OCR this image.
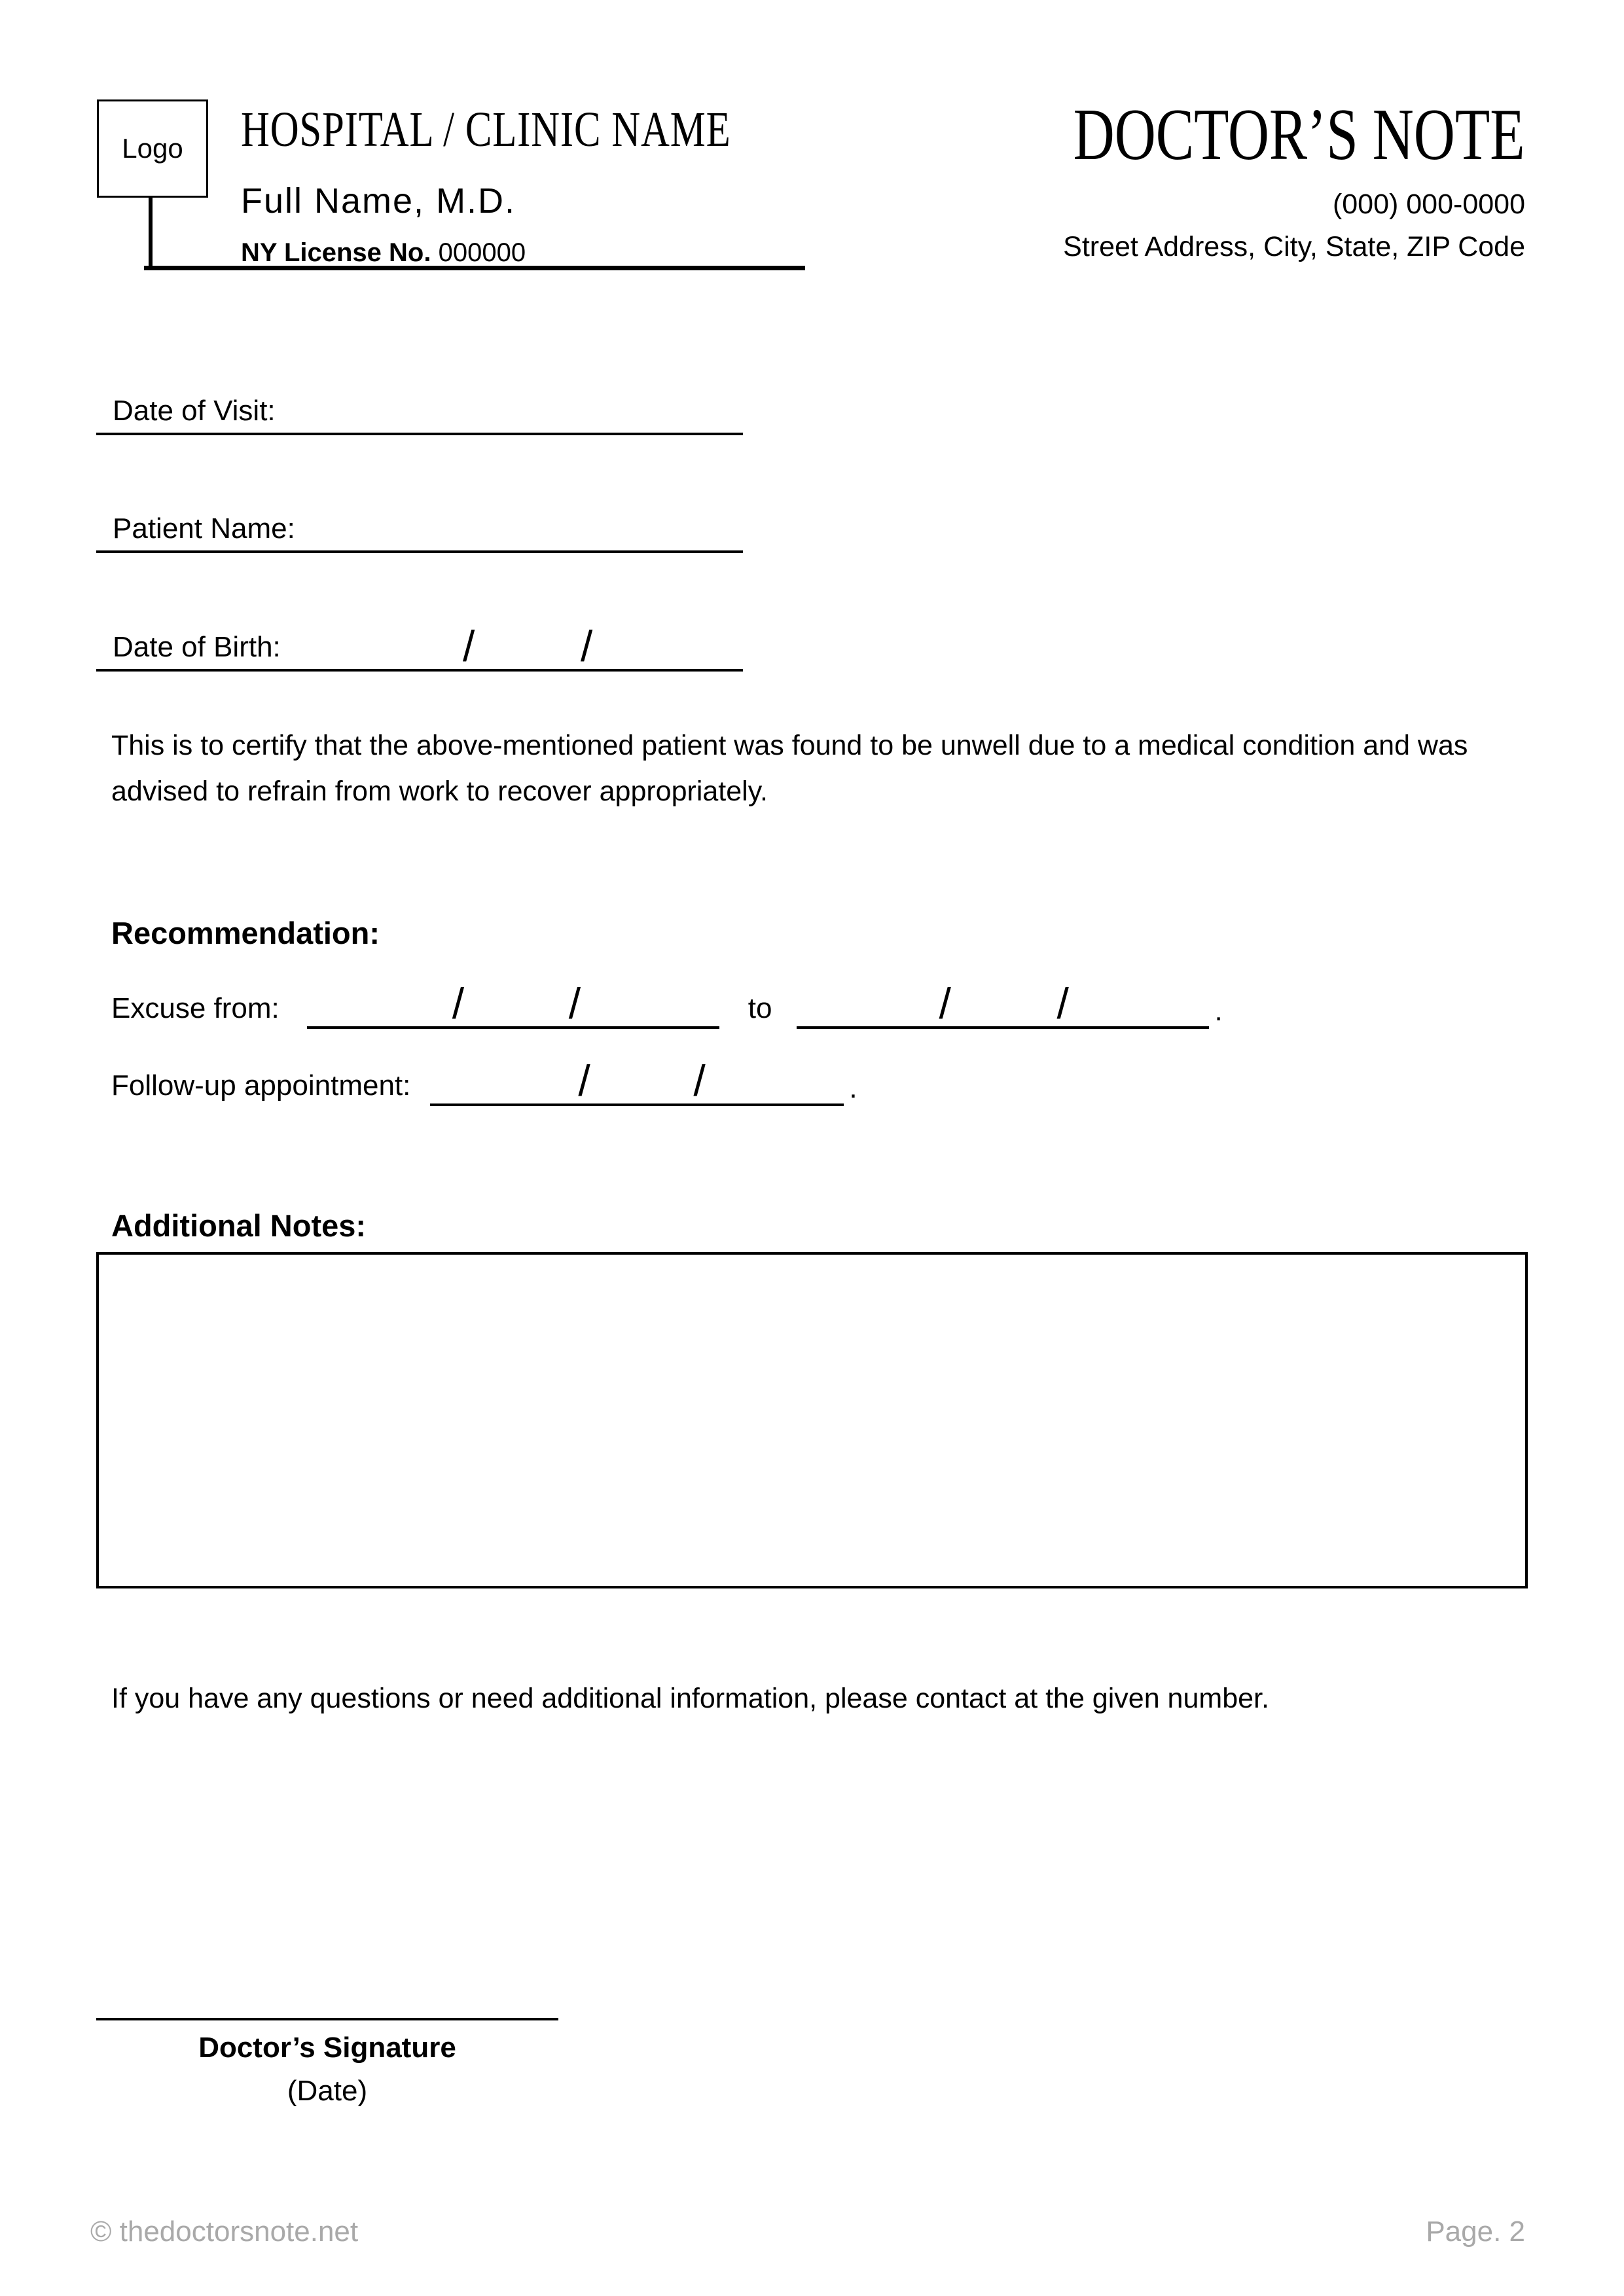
Logo HOSPITAL / CLINIC NAME
Full Name, M.D.
NY License No. 000000
DOCTOR’S NOTE
(000) 000-0000
Street Address, City, State, ZIP Code
Date of Visit:
Patient Name:
Date of Birth:	/ /
This is to certify that the above-mentioned patient was found to be unwell due to a medical condition and was advised to refrain from work to recover appropriately.
Recommendation:
Excuse from:	/ /	to	/ /	.
Follow-up appointment:	/ /	.
Additional Notes:
If you have any questions or need additional information, please contact at the given number.
Doctor’s Signature
(Date)
© thedoctorsnote.net	Page. 2
